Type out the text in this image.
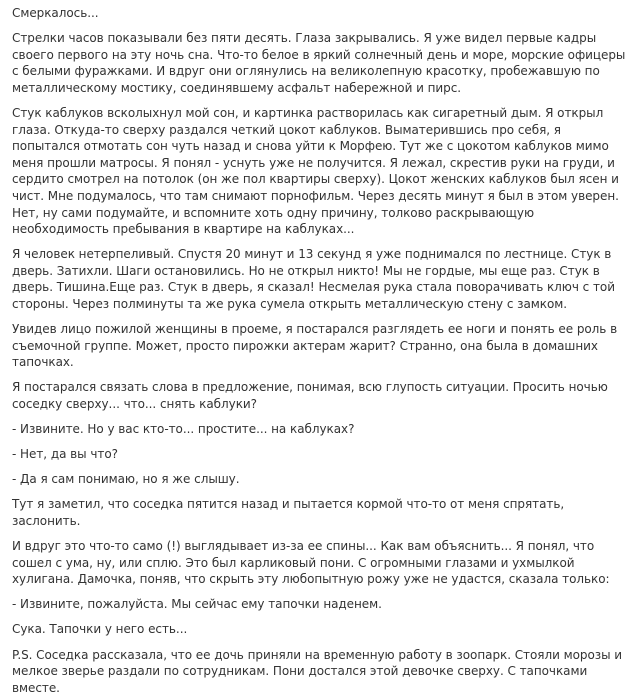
Смеркалось...

Стрелки часов показывали без пяти десять. Глаза закрывались. Я уже видел первые кадры своего первого на эту ночь сна. Что-то белое в яркий солнечный день и море, морские офицеры с белыми фуражками. И вдруг они оглянулись на великолепную красотку, пробежавшую по металлическому мостику, соединявшему асфальт набережной и пирс.

Стук каблуков всколыхнул мой сон, и картинка растворилась как сигаретный дым. Я открыл глаза. Откуда-то сверху раздался четкий цокот каблуков. Выматерившись про себя, я попытался отмотать сон чуть назад и снова уйти к Морфею. Тут же с цокотом каблуков мимо меня прошли матросы. Я понял - уснуть уже не получится. Я лежал, скрестив руки на груди, и сердито смотрел на потолок (он же пол квартиры сверху). Цокот женских каблуков был ясен и чист. Мне подумалось, что там снимают порнофильм. Через десять минут я был в этом уверен. Нет, ну сами подумайте, и вспомните хоть одну причину, толково раскрывающую необходимость пребывания в квартире на каблуках...

Я человек нетерпеливый. Спустя 20 минут и 13 секунд я уже поднимался по лестнице. Стук в дверь. Затихли. Шаги остановились. Но не открыл никто! Мы не гордые, мы еще раз. Стук в дверь. Тишина.Еще раз. Стук в дверь, я сказал! Несмелая рука стала поворачивать ключ с той стороны. Через полминуты та же рука сумела открыть металлическую стену с замком.

Увидев лицо пожилой женщины в проеме, я постарался разглядеть ее ноги и понять ее роль в съемочной группе. Может, просто пирожки актерам жарит? Странно, она была в домашних тапочках.

Я постарался связать слова в предложение, понимая, всю глупость ситуации. Просить ночью соседку сверху... что... снять каблуки?

- Извините. Но у вас кто-то... простите... на каблуках?

- Нет, да вы что?

- Да я сам понимаю, но я же слышу.

Тут я заметил, что соседка пятится назад и пытается кормой что-то от меня спрятать, заслонить.

И вдруг это что-то само (!) выглядывает из-за ее спины... Как вам объяснить... Я понял, что сошел с ума, ну, или сплю. Это был карликовый пони. С огромными глазами и ухмылкой хулигана. Дамочка, поняв, что скрыть эту любопытную рожу уже не удастся, сказала только:

- Извините, пожалуйста. Мы сейчас ему тапочки наденем.

Сука. Тапочки у него есть...

P.S. Соседка рассказала, что ее дочь приняли на временную работу в зоопарк. Стояли морозы и мелкое зверье раздали по сотрудникам. Пони достался этой девочке сверху. С тапочками вместе.
